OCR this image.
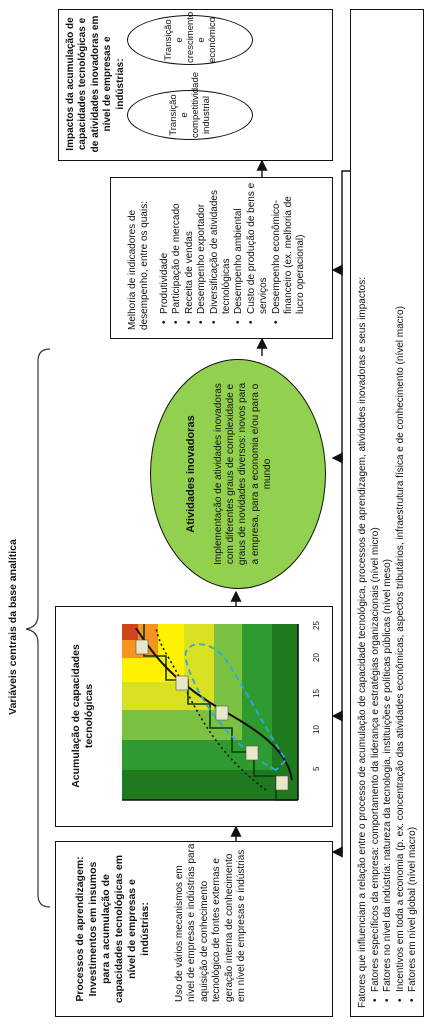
Variáveis centrais da base analítica
Processos de aprendizagem: Investimentos em insumos para a acumulação de capacidades tecnológicas em nível de empresas e indústrias: Uso de vários mecanismos em nível de empresas e indústrias para aquisição de conhecimento tecnológico de fontes externas e geração interna de conhecimento em nível de empresas e indústrias
Acumulação de capacidades tecnológicas
5
10
15
20
25
Atividades inovadoras Implementação de atividades inovadoras com diferentes graus de complexidade e graus de novidades diversos: novos para a empresa, para a economia e/ou para o mundo
Melhoria de indicadores de desempenho, entre os quais: • Produtividade • Participação de mercado • Receita de vendas • Desempenho exportador • Diversificação de atividades tecnológicas • Desempenho ambiental • Custo de produção de bens e serviços • Desempenho econômico-financeiro (ex. melhoria de lucro operacional)
Impactos da acumulação de capacidades tecnológicas e de atividades inovadoras em nível de empresas e indústrias:
Transição e crescimento e econômico
Transição e competitividade industrial
Fatores que influenciam a relação entre o processo de acumulação de capacidade tecnológica, processos de aprendizagem, atividades inovadoras e seus impactos: • Fatores específicos da empresa: comportamento da liderança e estratégias organizacionais (nível micro) • Fatores no nível da indústria: natureza da tecnologia, instituições e políticas públicas (nível meso) • Incentivos em toda a economia (p. ex. concentração das atividades econômicas, aspectos tributários, infraestrutura física e de conhecimento (nível macro) • Fatores em nível global (nível macro)
